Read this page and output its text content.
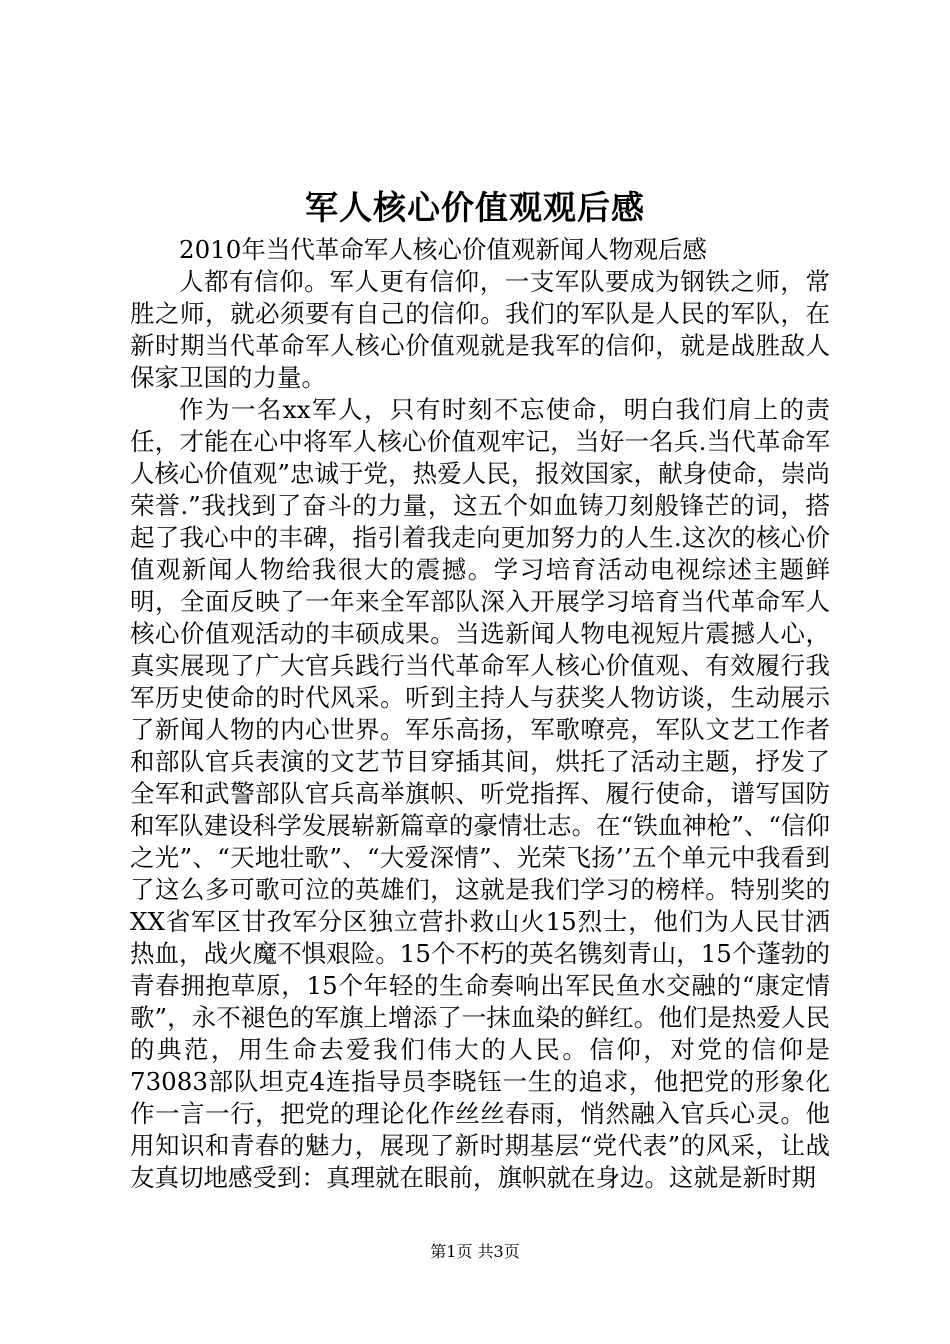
军人核心价值观观后感

2010年当代革命军人核心价值观新闻人物观后感

人都有信仰。军人更有信仰，一支军队要成为钢铁之师，常胜之师，就必须要有自己的信仰。我们的军队是人民的军队，在新时期当代革命军人核心价值观就是我军的信仰，就是战胜敌人保家卫国的力量。

作为一名xx军人，只有时刻不忘使命，明白我们肩上的责任，才能在心中将军人核心价值观牢记，当好一名兵.当代革命军人核心价值观”忠诚于党，热爱人民，报效国家，献身使命，崇尚荣誉.”我找到了奋斗的力量，这五个如血铸刀刻般锋芒的词，搭起了我心中的丰碑，指引着我走向更加努力的人生.这次的核心价值观新闻人物给我很大的震撼。学习培育活动电视综述主题鲜明，全面反映了一年来全军部队深入开展学习培育当代革命军人核心价值观活动的丰硕成果。当选新闻人物电视短片震撼人心，真实展现了广大官兵践行当代革命军人核心价值观、有效履行我军历史使命的时代风采。听到主持人与获奖人物访谈，生动展示了新闻人物的内心世界。军乐高扬，军歌嘹亮，军队文艺工作者和部队官兵表演的文艺节目穿插其间，烘托了活动主题，抒发了全军和武警部队官兵高举旗帜、听党指挥、履行使命，谱写国防和军队建设科学发展崭新篇章的豪情壮志。在“铁血神枪”、“信仰之光”、“天地壮歌”、“大爱深情”、光荣飞扬’’五个单元中我看到了这么多可歌可泣的英雄们，这就是我们学习的榜样。特别奖的XX省军区甘孜军分区独立营扑救山火15烈士，他们为人民甘洒热血，战火魔不惧艰险。15个不朽的英名镌刻青山，15个蓬勃的青春拥抱草原，15个年轻的生命奏响出军民鱼水交融的“康定情歌”，永不褪色的军旗上增添了一抹血染的鲜红。他们是热爱人民的典范，用生命去爱我们伟大的人民。信仰，对党的信仰是73083部队坦克4连指导员李晓钰一生的追求，他把党的形象化作一言一行，把党的理论化作丝丝春雨，悄然融入官兵心灵。他用知识和青春的魅力，展现了新时期基层“党代表”的风采，让战友真切地感受到：真理就在眼前，旗帜就在身边。这就是新时期

第1页 共3页
